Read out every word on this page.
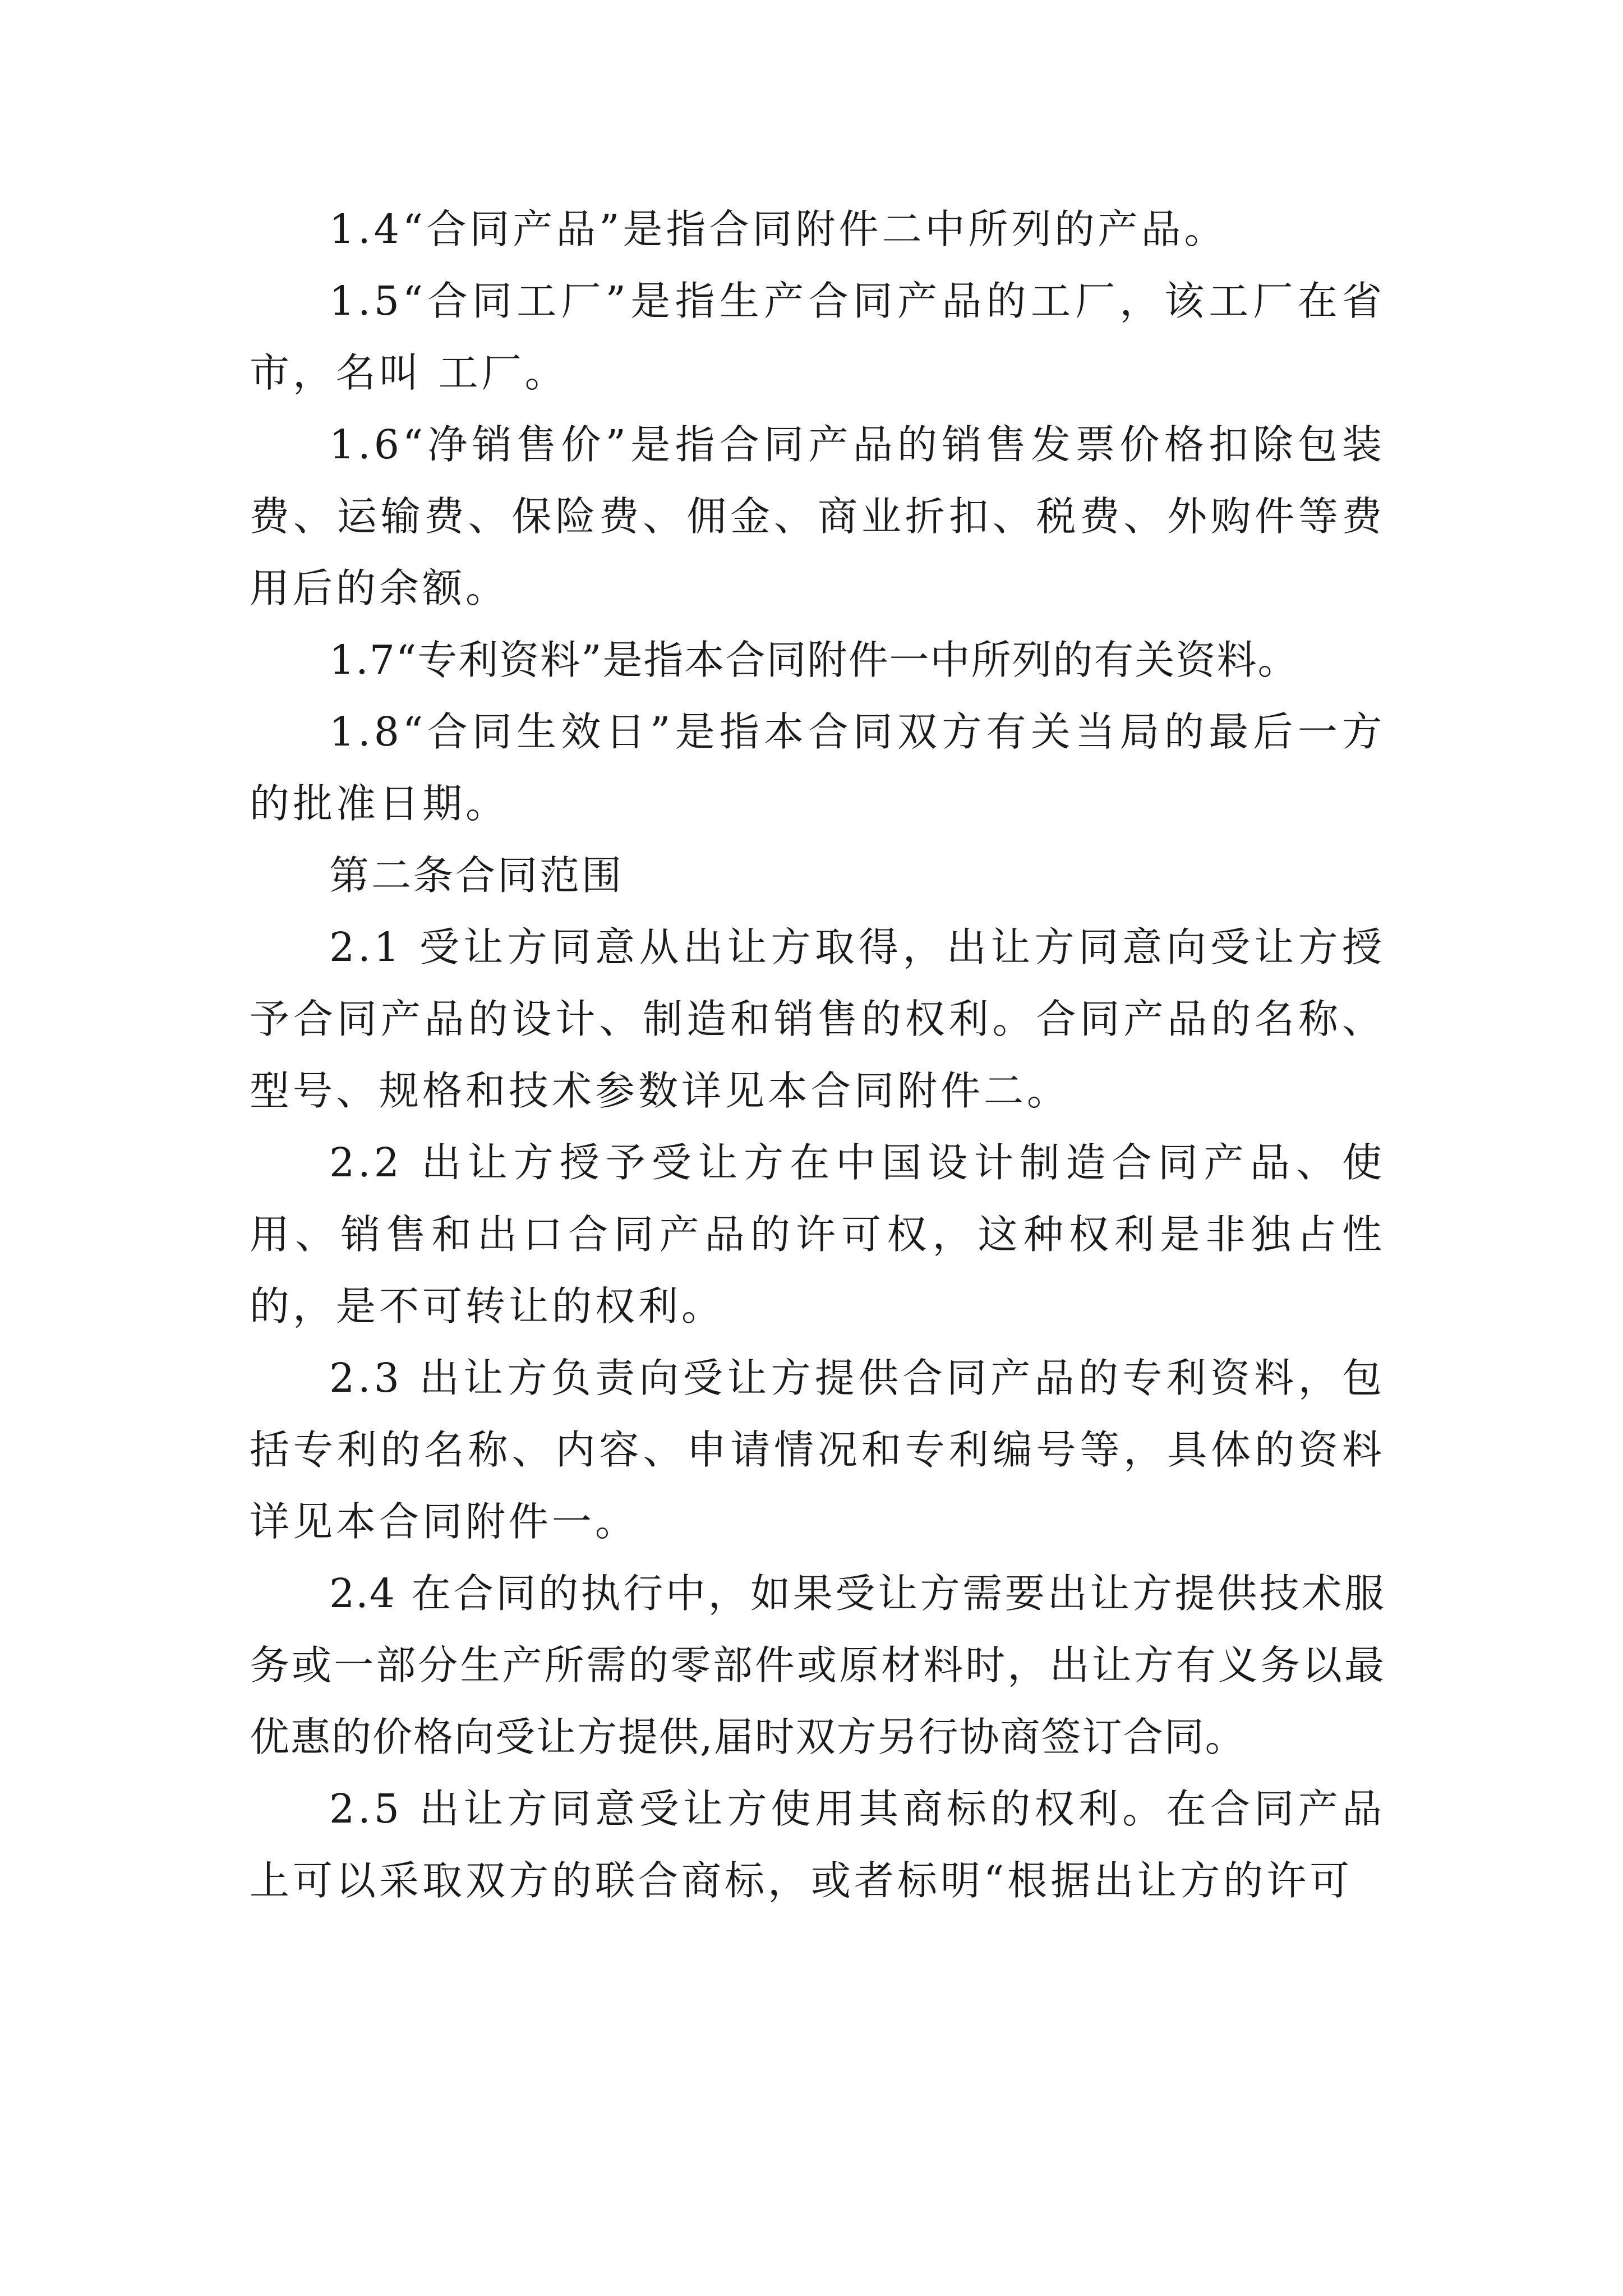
1.4“合同产品”是指合同附件二中所列的产品。

1.5“合同工厂”是指生产合同产品的工厂，该工厂在省 市，名叫 工厂。

1.6“净销售价”是指合同产品的销售发票价格扣除包装费、运输费、保险费、佣金、商业折扣、税费、外购件等费用后的余额。

1.7“专利资料”是指本合同附件一中所列的有关资料。

1.8“合同生效日”是指本合同双方有关当局的最后一方的批准日期。

第二条合同范围

2.1 受让方同意从出让方取得，出让方同意向受让方授予合同产品的设计、制造和销售的权利。合同产品的名称、型号、规格和技术参数详见本合同附件二。

2.2 出让方授予受让方在中国设计制造合同产品、使用、销售和出口合同产品的许可权，这种权利是非独占性的，是不可转让的权利。

2.3 出让方负责向受让方提供合同产品的专利资料，包括专利的名称、内容、申请情况和专利编号等，具体的资料详见本合同附件一。

2.4 在合同的执行中，如果受让方需要出让方提供技术服务或一部分生产所需的零部件或原材料时，出让方有义务以最优惠的价格向受让方提供,届时双方另行协商签订合同。

2.5 出让方同意受让方使用其商标的权利。在合同产品上可以采取双方的联合商标，或者标明“根据出让方的许可
